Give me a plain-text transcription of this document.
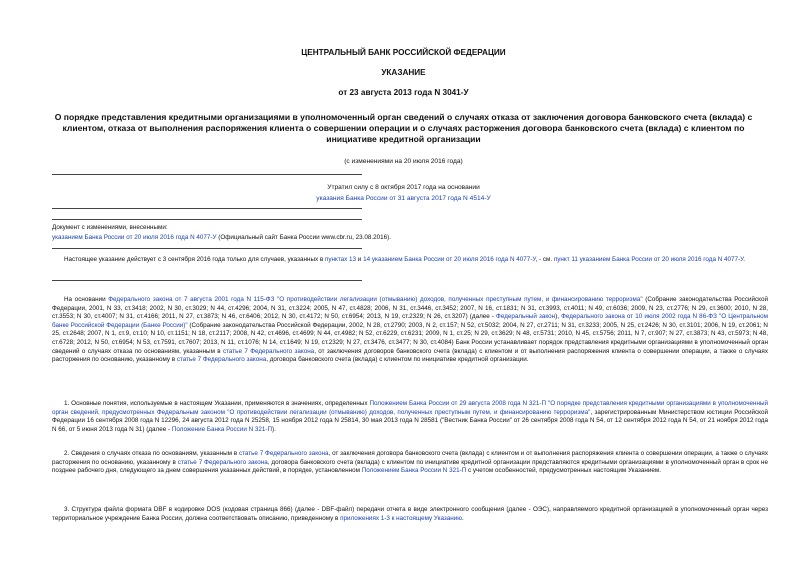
ЦЕНТРАЛЬНЫЙ БАНК РОССИЙСКОЙ ФЕДЕРАЦИИ
УКАЗАНИЕ
от 23 августа 2013 года N 3041-У
О порядке представления кредитными организациями в уполномоченный орган сведений о случаях отказа от заключения договора банковского счета (вклада) с клиентом, отказа от выполнения распоряжения клиента о совершении операции и о случаях расторжения договора банковского счета (вклада) с клиентом по инициативе кредитной организации
(с изменениями на 20 июля 2016 года)
Утратил силу с 8 октября 2017 года на основании
указания Банка России от 31 августа 2017 года N 4514-У
Документ с изменениями, внесенными:
указанием Банка России от 20 июля 2016 года N 4077-У (Официальный сайт Банка России www.cbr.ru, 23.08.2016).
Настоящее указание действует с 3 сентября 2016 года только для случаев, указанных в пунктах 13 и 14 указанием Банка России от 20 июля 2016 года N 4077-У, - см. пункт 11 указанием Банка России от 20 июля 2016 года N 4077-У.
На основании Федерального закона от 7 августа 2001 года N 115-ФЗ "О противодействии легализации (отмыванию) доходов, полученных преступным путем, и финансированию терроризма" (Собрание законодательства Российской Федерации, 2001, N 33, ст.3418; 2002, N 30, ст.3029; N 44, ст.4296; 2004, N 31, ст.3224; 2005, N 47, ст.4828; 2006, N 31, ст.3446, ст.3452; 2007, N 16, ст.1831; N 31, ст.3993, ст.4011; N 49, ст.6036; 2009, N 23, ст.2776; N 29, ст.3600; 2010, N 28, ст.3553; N 30, ст.4007; N 31, ст.4166; 2011, N 27, ст.3873; N 46, ст.6406; 2012, N 30, ст.4172; N 50, ст.6954; 2013, N 19, ст.2329; N 26, ст.3207) (далее - Федеральный закон), Федерального закона от 10 июля 2002 года N 86-ФЗ "О Центральном банке Российской Федерации (Банке России)" (Собрание законодательства Российской Федерации, 2002, N 28, ст.2790; 2003, N 2, ст.157; N 52, ст.5032; 2004, N 27, ст.2711; N 31, ст.3233; 2005, N 25, ст.2426; N 30, ст.3101; 2006, N 19, ст.2061; N 25, ст.2648; 2007, N 1, ст.9, ст.10; N 10, ст.1151; N 18, ст.2117; 2008, N 42, ст.4696, ст.4699; N 44, ст.4982; N 52, ст.6229, ст.6231; 2009, N 1, ст.25; N 29, ст.3629; N 48, ст.5731; 2010, N 45, ст.5756; 2011, N 7, ст.907; N 27, ст.3873; N 43, ст.5973; N 48, ст.6728; 2012, N 50, ст.6954; N 53, ст.7591, ст.7607; 2013, N 11, ст.1076; N 14, ст.1649; N 19, ст.2329; N 27, ст.3476, ст.3477; N 30, ст.4084) Банк России устанавливает порядок представления кредитными организациями в уполномоченный орган сведений о случаях отказа по основаниям, указанным в статье 7 Федерального закона, от заключения договоров банковского счета (вклада) с клиентом и от выполнения распоряжения клиента о совершении операции, а также о случаях расторжения по основанию, указанному в статье 7 Федерального закона, договора банковского счета (вклада) с клиентом по инициативе кредитной организации.
1. Основные понятия, используемые в настоящем Указании, применяются в значениях, определенных Положением Банка России от 29 августа 2008 года N 321-П "О порядке представления кредитными организациями в уполномоченный орган сведений, предусмотренных Федеральным законом "О противодействии легализации (отмыванию) доходов, полученных преступным путем, и финансированию терроризма", зарегистрированным Министерством юстиции Российской Федерации 16 сентября 2008 года N 12296, 24 августа 2012 года N 25258, 15 ноября 2012 года N 25814, 30 мая 2013 года N 28581 ("Вестник Банка России" от 26 сентября 2008 года N 54, от 12 сентября 2012 года N 54, от 21 ноября 2012 года N 66, от 5 июня 2013 года N 31) (далее - Положение Банка России N 321-П).
2. Сведения о случаях отказа по основаниям, указанным в статье 7 Федерального закона, от заключения договора банковского счета (вклада) с клиентом и от выполнения распоряжения клиента о совершении операции, а также о случаях расторжения по основанию, указанному в статье 7 Федерального закона, договора банковского счета (вклада) с клиентом по инициативе кредитной организации представляются кредитными организациями в уполномоченный орган в срок не позднее рабочего дня, следующего за днем совершения указанных действий, в порядке, установленном Положением Банка России N 321-П с учетом особенностей, предусмотренных настоящим Указанием.
3. Структура файла формата DBF в кодировке DOS (кодовая страница 866) (далее - DBF-файл) передачи отчета в виде электронного сообщения (далее - ОЭС), направляемого кредитной организацией в уполномоченный орган через территориальное учреждение Банка России, должна соответствовать описанию, приведенному в приложениях 1-3 к настоящему Указанию.
